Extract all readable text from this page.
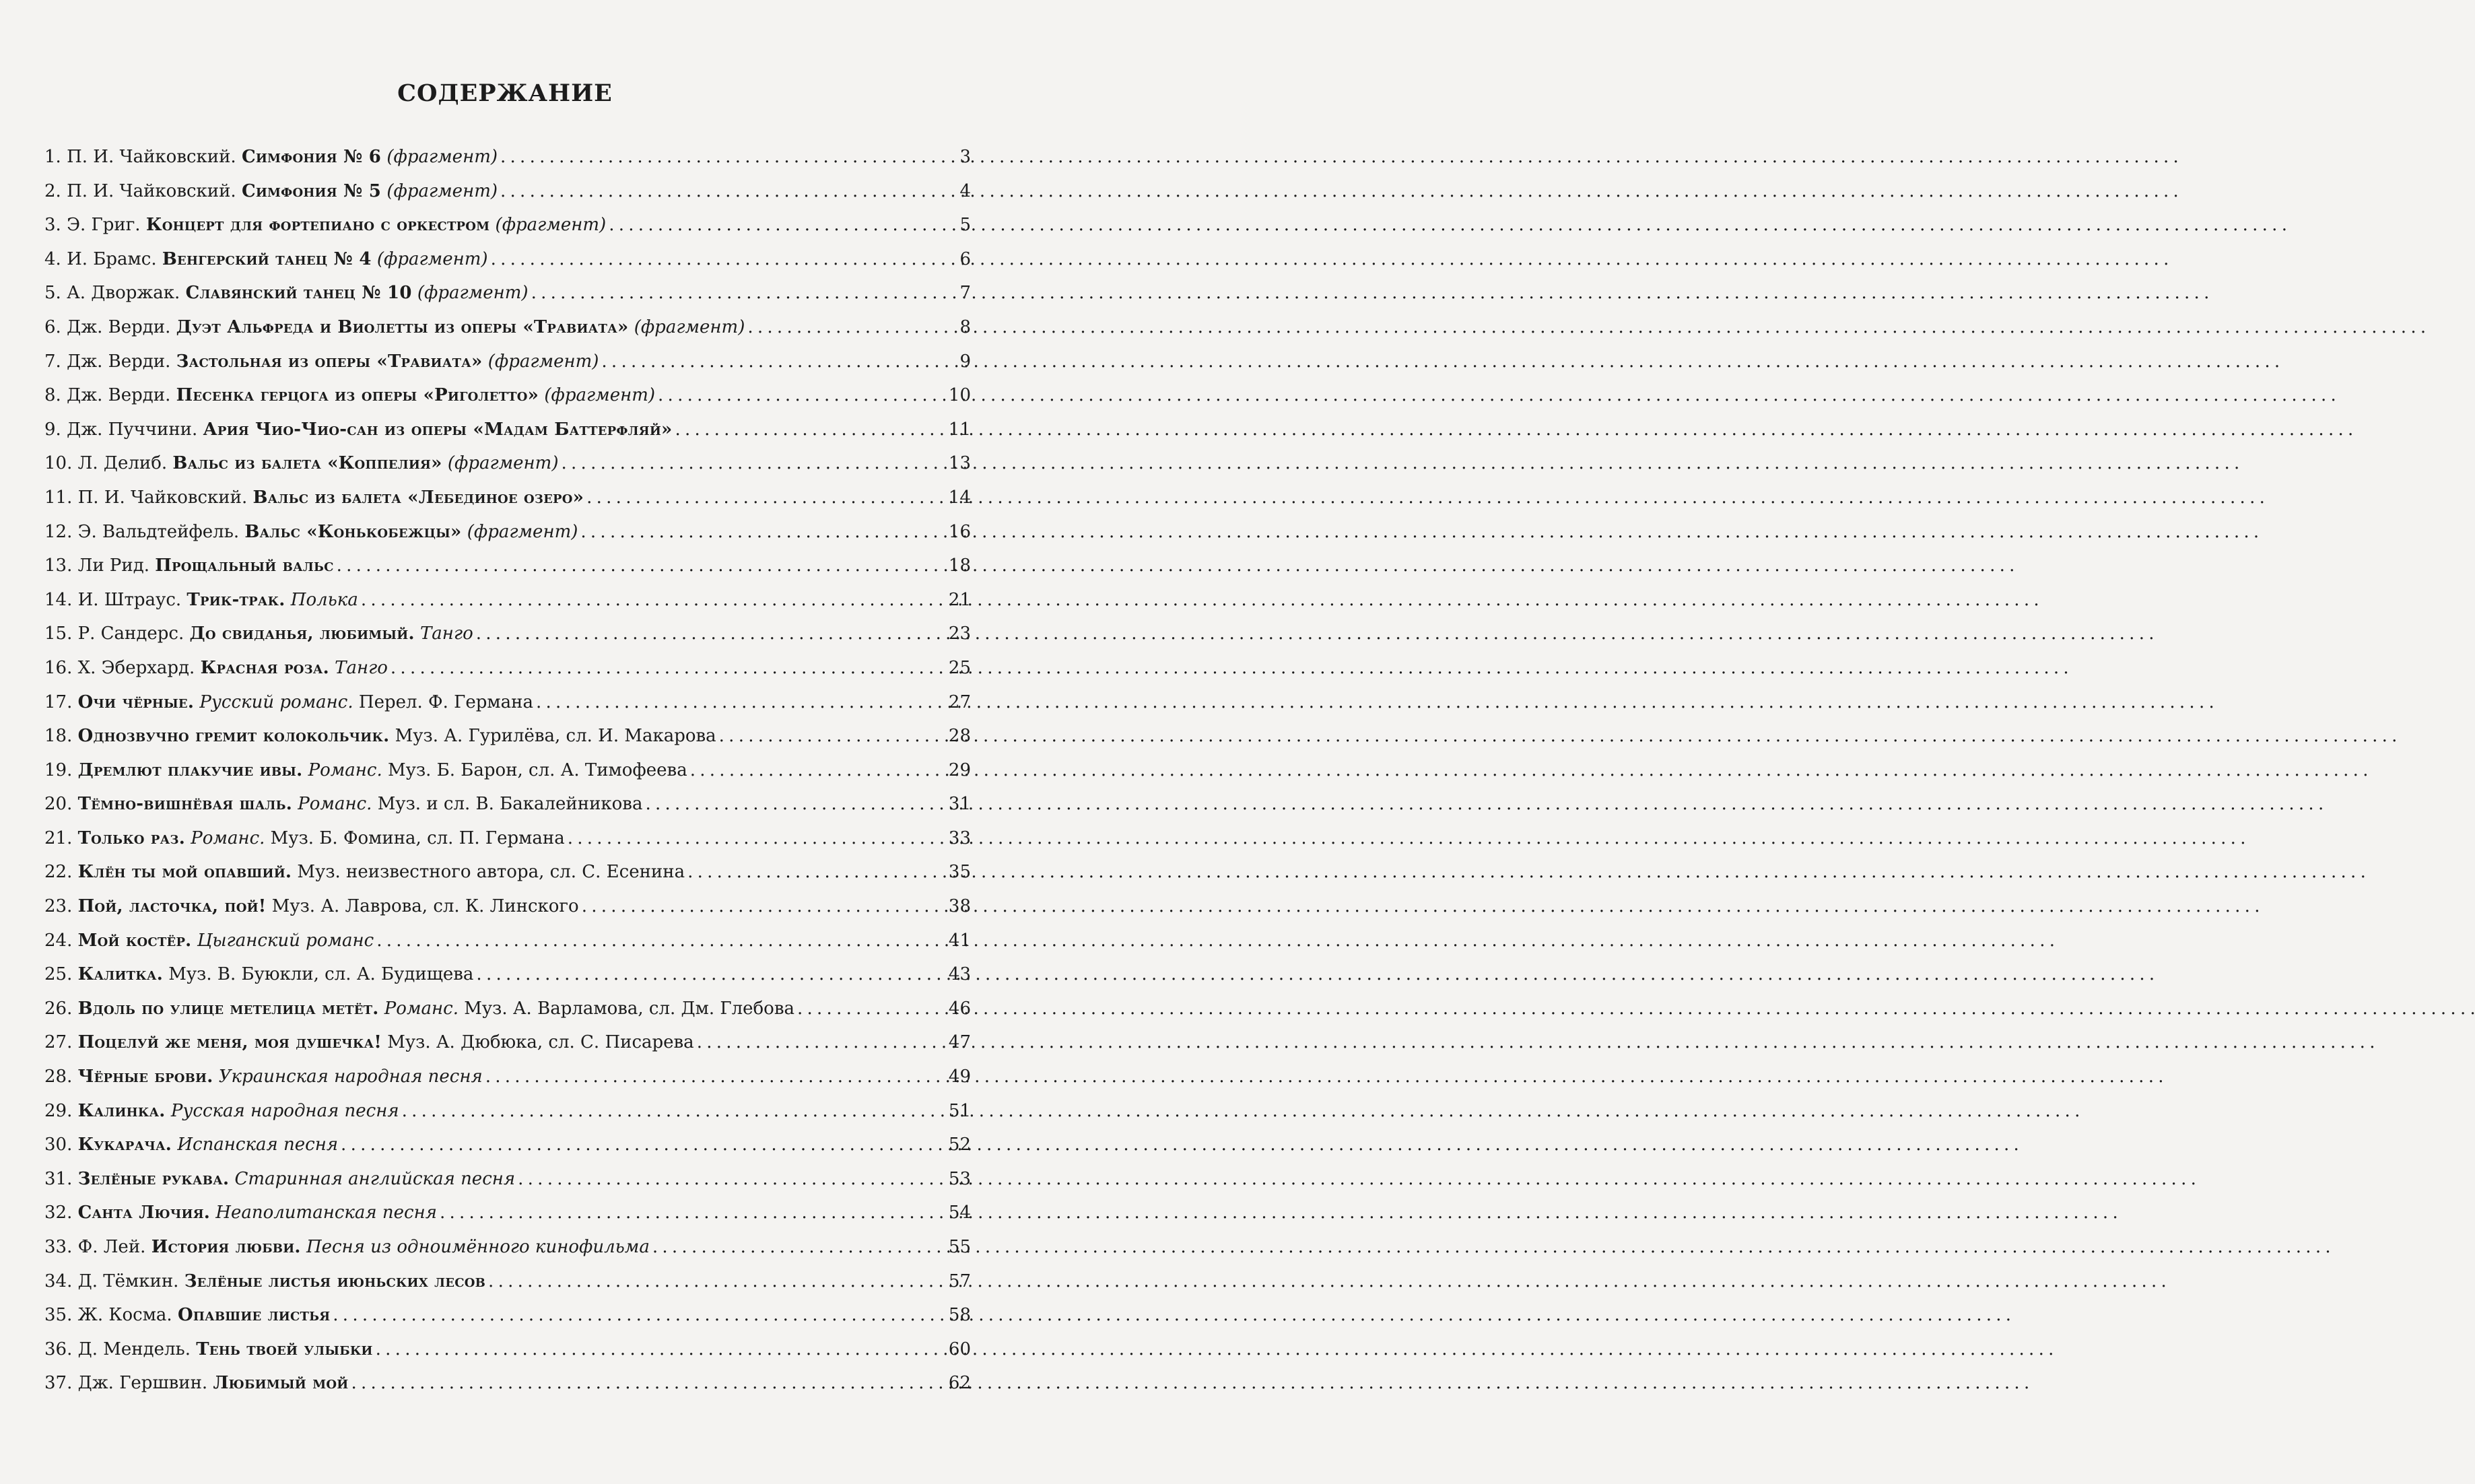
СОДЕРЖАНИЕ
1. П. И. Чайковский. Симфония № 6 (фрагмент) . . .	3
2. П. И. Чайковский. Симфония № 5 (фрагмент) . . .	4
3. Э. Григ. Концерт для фортепиано с оркестром (фрагмент) . . .	5
4. И. Брамс. Венгерский танец № 4 (фрагмент) . . .	6
5. А. Дворжак. Славянский танец № 10 (фрагмент) . . .	7
6. Дж. Верди. Дуэт Альфреда и Виолетты из оперы «Травиата» (фрагмент) . . .	8
7. Дж. Верди. Застольная из оперы «Травиата» (фрагмент) . . .	9
8. Дж. Верди. Песенка герцога из оперы «Риголетто» (фрагмент) . . .	10
9. Дж. Пуччини. Ария Чио-Чио-сан из оперы «Мадам Баттерфляй» . . .	11
10. Л. Делиб. Вальс из балета «Коппелия» (фрагмент) . . .	13
11. П. И. Чайковский. Вальс из балета «Лебединое озеро» . . .	14
12. Э. Вальдтейфель. Вальс «Конькобежцы» (фрагмент) . . .	16
13. Ли Рид. Прощальный вальс . . .	18
14. И. Штраус. Трик-трак. Полька . . .	21
15. Р. Сандерс. До свиданья, любимый. Танго . . .	23
16. Х. Эберхард. Красная роза. Танго . . .	25
17. Очи чёрные. Русский романс. Перел. Ф. Германа . . .	27
18. Однозвучно гремит колокольчик. Муз. А. Гурилёва, сл. И. Макарова . . .	28
19. Дремлют плакучие ивы. Романс. Муз. Б. Барон, сл. А. Тимофеева . . .	29
20. Тёмно-вишнёвая шаль. Романс. Муз. и сл. В. Бакалейникова . . .	31
21. Только раз. Романс. Муз. Б. Фомина, сл. П. Германа . . .	33
22. Клён ты мой опавший. Муз. неизвестного автора, сл. С. Есенина . . .	35
23. Пой, ласточка, пой! Муз. А. Лаврова, сл. К. Линского . . .	38
24. Мой костёр. Цыганский романс . . .	41
25. Калитка. Муз. В. Буюкли, сл. А. Будищева . . .	43
26. Вдоль по улице метелица метёт. Романс. Муз. А. Варламова, сл. Дм. Глебова . . .	46
27. Поцелуй же меня, моя душечка! Муз. А. Дюбюка, сл. С. Писарева . . .	47
28. Чёрные брови. Украинская народная песня . . .	49
29. Калинка. Русская народная песня . . .	51
30. Кукарача. Испанская песня . . .	52
31. Зелёные рукава. Старинная английская песня . . .	53
32. Санта Лючия. Неаполитанская песня . . .	54
33. Ф. Лей. История любви. Песня из одноимённого кинофильма . . .	55
34. Д. Тёмкин. Зелёные листья июньских лесов . . .	57
35. Ж. Косма. Опавшие листья . . .	58
36. Д. Мендель. Тень твоей улыбки . . .	60
37. Дж. Гершвин. Любимый мой . . .	62
